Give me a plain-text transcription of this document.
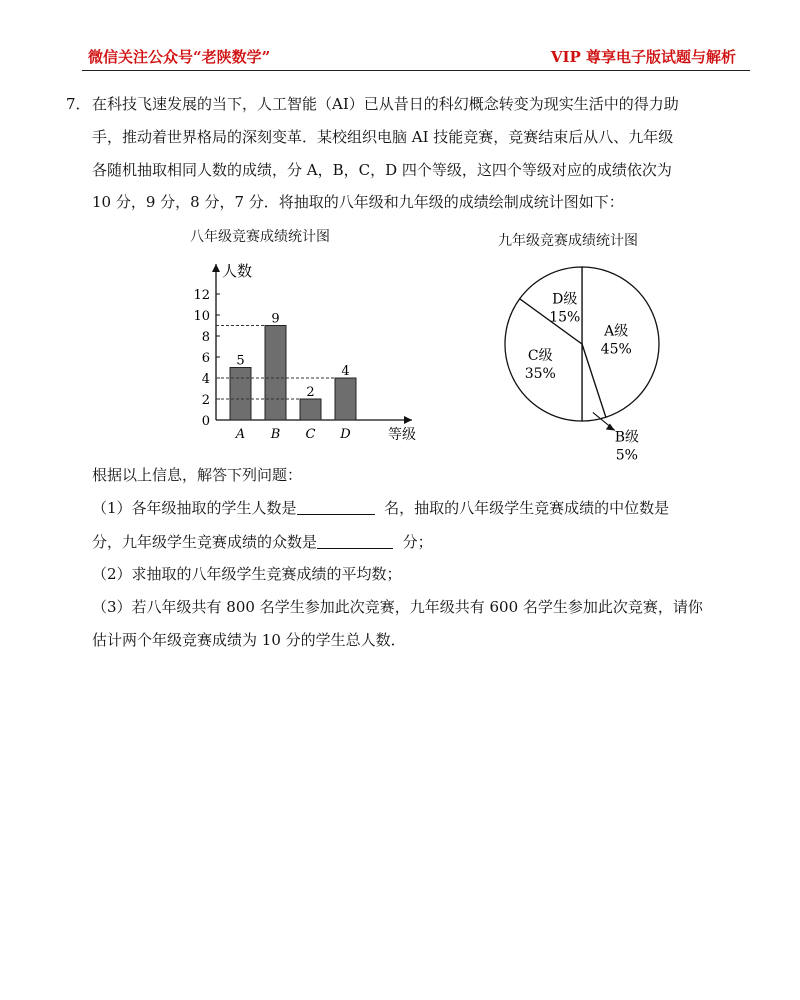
微信关注公众号“老陕数学”	VIP 尊享电子版试题与解析
7． 在科技飞速发展的当下，人工智能（AI）已从昔日的科幻概念转变为现实生活中的得力助
手，推动着世界格局的深刻变革．某校组织电脑 AI 技能竞赛，竞赛结束后从八、九年级
各随机抽取相同人数的成绩，分 A，B，C，D 四个等级，这四个等级对应的成绩依次为
10 分，9 分，8 分，7 分．将抽取的八年级和九年级的成绩绘制成统计图如下：
八年级竞赛成绩统计图
人数
等级
0
2
4
6
8
10
12
5
A
9
B
2
C
4
D
九年级竞赛成绩统计图
A级
45%
B级
5%
C级
35%
D级
15%
根据以上信息，解答下列问题：
（1）各年级抽取的学生人数是	名，抽取的八年级学生竞赛成绩的中位数是
分，九年级学生竞赛成绩的众数是	分；
（2）求抽取的八年级学生竞赛成绩的平均数；
（3）若八年级共有 800 名学生参加此次竞赛，九年级共有 600 名学生参加此次竞赛，请你
估计两个年级竞赛成绩为 10 分的学生总人数．
